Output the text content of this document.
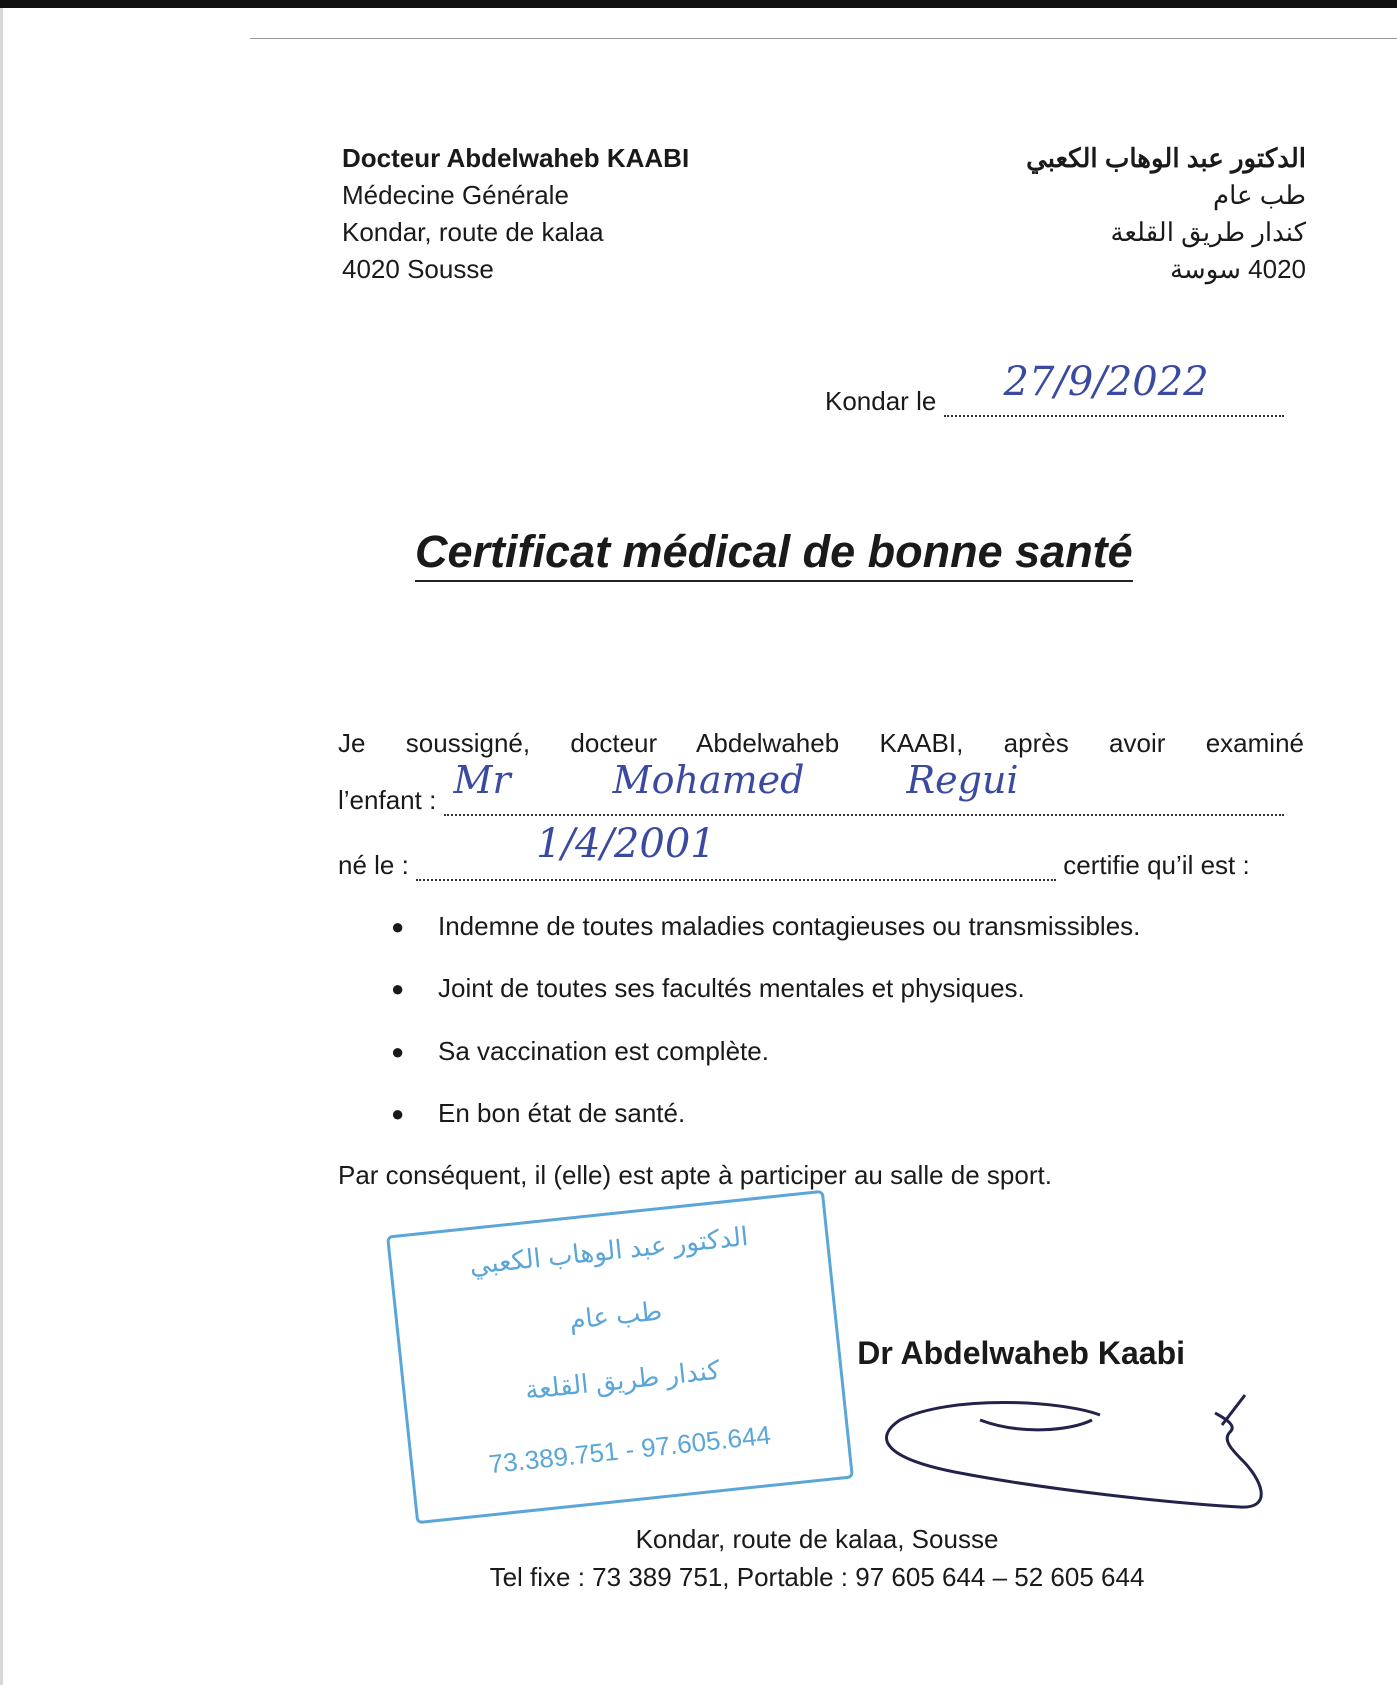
Docteur Abdelwaheb KAABI
Médecine Générale
Kondar, route de kalaa
4020 Sousse
الدكتور عبد الوهاب الكعبي
طب عام
كندار طريق القلعة
4020 سوسة
Kondar le 27/9/2022
Certificat médical de bonne santé
Je soussigné, docteur Abdelwaheb KAABI, après avoir examiné
l’enfant : Mr Mohamed Regui
né le :	1/4/2001	certifie qu’il est :
● Indemne de toutes maladies contagieuses ou transmissibles.
● Joint de toutes ses facultés mentales et physiques.
● Sa vaccination est complète.
● En bon état de santé.
Par conséquent, il (elle) est apte à participer au salle de sport.
الدكتور عبد الوهاب الكعبي
طب عام
كندار طريق القلعة
73.389.751 - 97.605.644
Dr Abdelwaheb Kaabi
Kondar, route de kalaa, Sousse
Tel fixe : 73 389 751, Portable : 97 605 644 – 52 605 644
